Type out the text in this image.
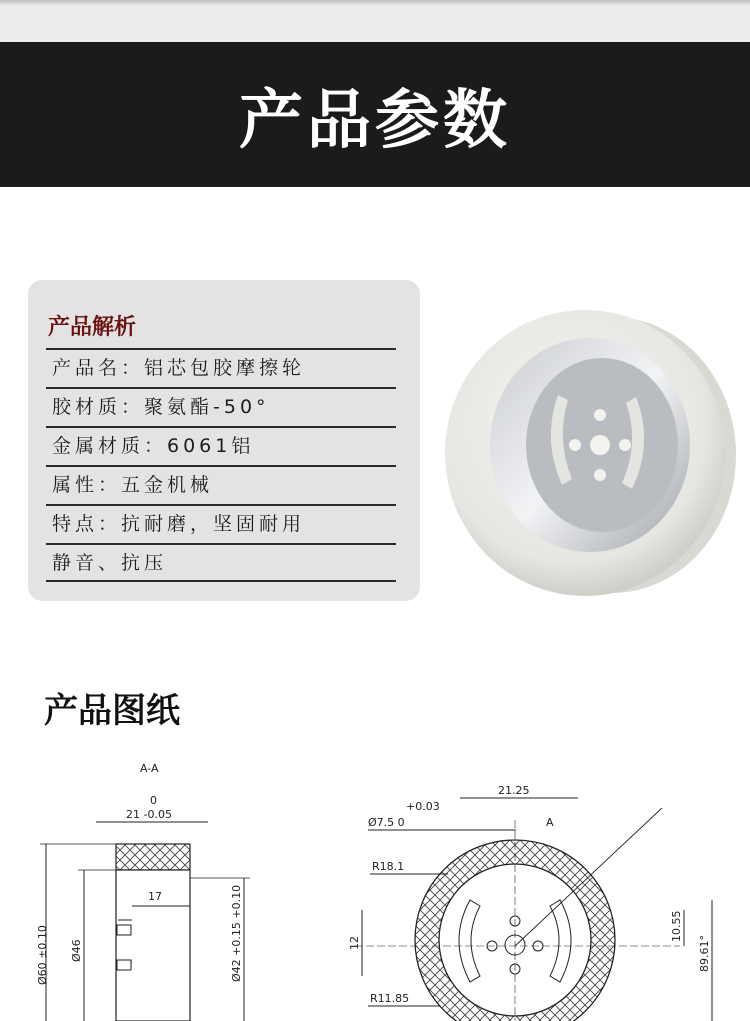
产品参数
产品解析
产品名：铝芯包胶摩擦轮
胶材质：聚氨酯-50°
金属材质：6061铝
属性：五金机械
特点：抗耐磨，坚固耐用
静音、抗压
产品图纸
A-A
0
21 -0.05
17
Ø60 ±0.10 Ø46	Ø42 +0.15 +0.10
21.25
+0.03
Ø7.5 0	A
R18.1
R11.85
12
10.55
89.61°
